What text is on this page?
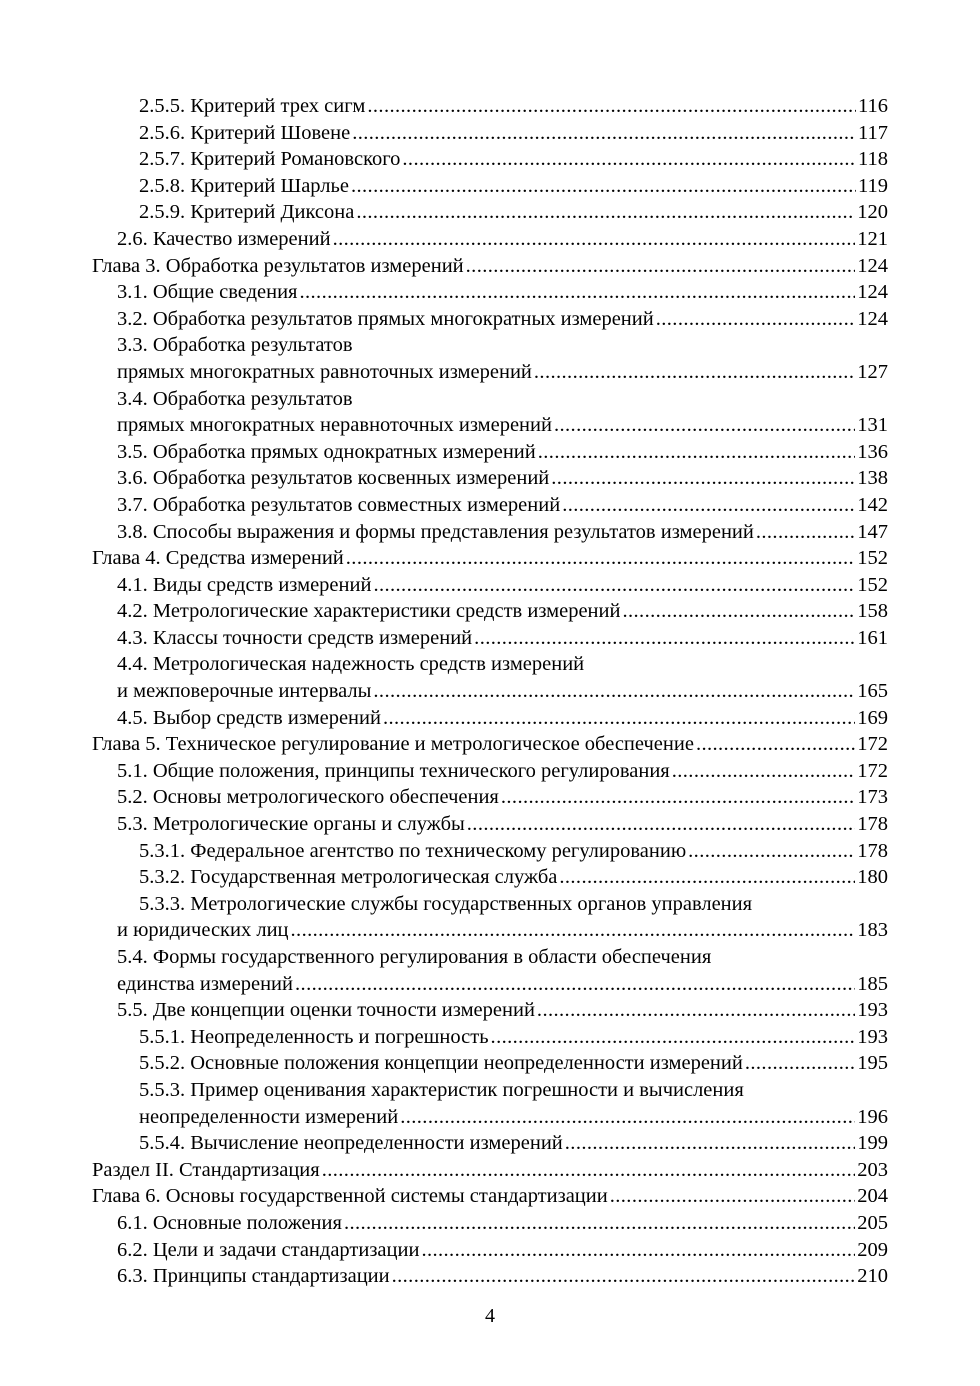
2.5.5. Критерий трех сигм .....	116
2.5.6. Критерий Шовене .....	117
2.5.7. Критерий Романовского .....	118
2.5.8. Критерий Шарлье .....	119
2.5.9. Критерий Диксона .....	120
2.6. Качество измерений .....	121
Глава 3. Обработка результатов измерений .....	124
3.1. Общие сведения .....	124
3.2. Обработка результатов прямых многократных измерений .....	124
3.3. Обработка результатов
прямых многократных равноточных измерений .....	127
3.4. Обработка результатов
прямых многократных неравноточных измерений .....	131
3.5. Обработка прямых однократных измерений .....	136
3.6. Обработка результатов косвенных измерений .....	138
3.7. Обработка результатов совместных измерений .....	142
3.8. Способы выражения и формы представления результатов измерений .....	147
Глава 4. Средства измерений .....	152
4.1. Виды средств измерений .....	152
4.2. Метрологические характеристики средств измерений .....	158
4.3. Классы точности средств измерений .....	161
4.4. Метрологическая надежность средств измерений
и межповерочные интервалы .....	165
4.5. Выбор средств измерений .....	169
Глава 5. Техническое регулирование и метрологическое обеспечение .....	172
5.1. Общие положения, принципы технического регулирования .....	172
5.2. Основы метрологического обеспечения .....	173
5.3. Метрологические органы и службы .....	178
5.3.1. Федеральное агентство по техническому регулированию .....	178
5.3.2. Государственная метрологическая служба .....	180
5.3.3. Метрологические службы государственных органов управления
и юридических лиц .....	183
5.4. Формы государственного регулирования в области обеспечения
единства измерений .....	185
5.5. Две концепции оценки точности измерений .....	193
5.5.1. Неопределенность и погрешность .....	193
5.5.2. Основные положения концепции неопределенности измерений .....	195
5.5.3. Пример оценивания характеристик погрешности и вычисления
неопределенности измерений .....	196
5.5.4. Вычисление неопределенности измерений .....	199
Раздел II. Стандартизация .....	203
Глава 6. Основы государственной системы стандартизации .....	204
6.1. Основные положения .....	205
6.2. Цели и задачи стандартизации .....	209
6.3. Принципы стандартизации .....	210
4
